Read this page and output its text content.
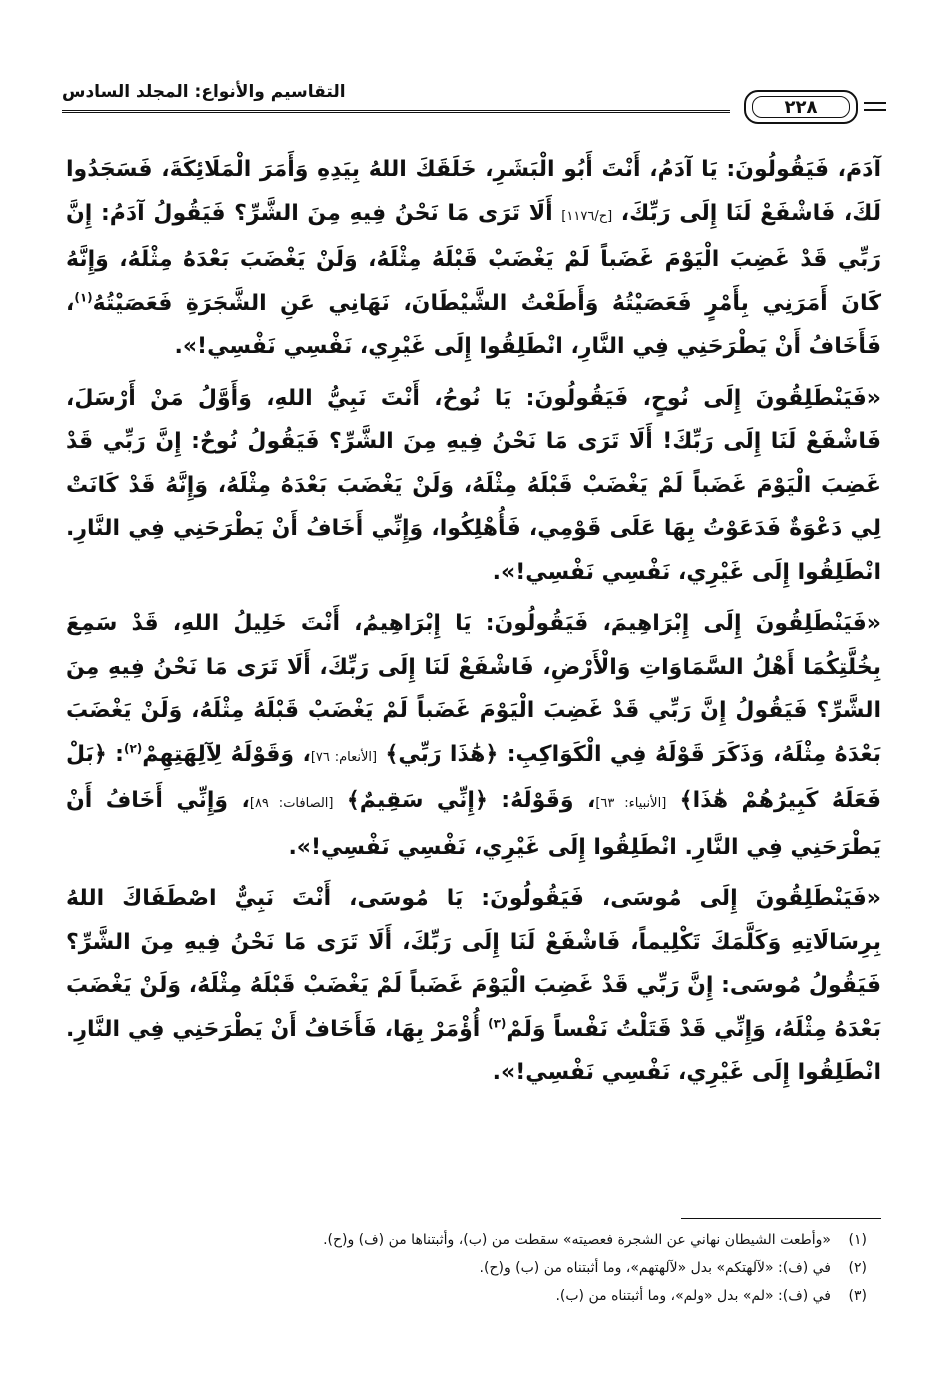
التقاسيم والأنواع: المجلد السادس
٢٢٨

آدَمَ، فَيَقُولُونَ: يَا آدَمُ، أَنْتَ أَبُو الْبَشَرِ، خَلَقَكَ اللهُ بِيَدِهِ وَأَمَرَ الْمَلَائِكَةَ، فَسَجَدُوا لَكَ، فَاشْفَعْ لَنَا إِلَى رَبِّكَ، [ح/١١٧٦] أَلَا تَرَى مَا نَحْنُ فِيهِ مِنَ الشَّرِّ؟ فَيَقُولُ آدَمُ: إِنَّ رَبِّي قَدْ غَضِبَ الْيَوْمَ غَضَباً لَمْ يَغْضَبْ قَبْلَهُ مِثْلَهُ، وَلَنْ يَغْضَبَ بَعْدَهُ مِثْلَهُ، وَإِنَّهُ كَانَ أَمَرَنِي بِأَمْرٍ فَعَصَيْتُهُ وَأَطَعْتُ الشَّيْطَانَ، نَهَانِي عَنِ الشَّجَرَةِ فَعَصَيْتُهُ$^{(١)}$، فَأَخَافُ أَنْ يَطْرَحَنِي فِي النَّارِ، انْطَلِقُوا إِلَى غَيْرِي، نَفْسِي نَفْسِي!».

«فَيَنْطَلِقُونَ إِلَى نُوحٍ، فَيَقُولُونَ: يَا نُوحُ، أَنْتَ نَبِيُّ اللهِ، وَأَوَّلُ مَنْ أَرْسَلَ، فَاشْفَعْ لَنَا إِلَى رَبِّكَ! أَلَا تَرَى مَا نَحْنُ فِيهِ مِنَ الشَّرِّ؟ فَيَقُولُ نُوحٌ: إِنَّ رَبِّي قَدْ غَضِبَ الْيَوْمَ غَضَباً لَمْ يَغْضَبْ قَبْلَهُ مِثْلَهُ، وَلَنْ يَغْضَبَ بَعْدَهُ مِثْلَهُ، وَإِنَّهُ قَدْ كَانَتْ لِي دَعْوَةٌ فَدَعَوْتُ بِهَا عَلَى قَوْمِي، فَأُهْلِكُوا، وَإِنِّي أَخَافُ أَنْ يَطْرَحَنِي فِي النَّارِ. انْطَلِقُوا إِلَى غَيْرِي، نَفْسِي نَفْسِي!».

«فَيَنْطَلِقُونَ إِلَى إِبْرَاهِيمَ، فَيَقُولُونَ: يَا إِبْرَاهِيمُ، أَنْتَ خَلِيلُ اللهِ، قَدْ سَمِعَ بِخُلَّتِكُمَا أَهْلُ السَّمَاوَاتِ وَالْأَرْضِ، فَاشْفَعْ لَنَا إِلَى رَبِّكَ، أَلَا تَرَى مَا نَحْنُ فِيهِ مِنَ الشَّرِّ؟ فَيَقُولُ إِنَّ رَبِّي قَدْ غَضِبَ الْيَوْمَ غَضَباً لَمْ يَغْضَبْ قَبْلَهُ مِثْلَهُ، وَلَنْ يَغْضَبَ بَعْدَهُ مِثْلَهُ، وَذَكَرَ قَوْلَهُ فِي الْكَوَاكِبِ: ﴿هَٰذَا رَبِّي﴾ [الأنعام: ٧٦]، وَقَوْلَهُ لِآلِهَتِهِمْ$^{(٢)}$: ﴿بَلْ فَعَلَهُ كَبِيرُهُمْ هَٰذَا﴾ [الأنبياء: ٦٣]، وَقَوْلَهُ: ﴿إِنِّي سَقِيمٌ﴾ [الصافات: ٨٩]، وَإِنِّي أَخَافُ أَنْ يَطْرَحَنِي فِي النَّارِ. انْطَلِقُوا إِلَى غَيْرِي، نَفْسِي نَفْسِي!».

«فَيَنْطَلِقُونَ إِلَى مُوسَى، فَيَقُولُونَ: يَا مُوسَى، أَنْتَ نَبِيٌّ اصْطَفَاكَ اللهُ بِرِسَالَاتِهِ وَكَلَّمَكَ تَكْلِيماً، فَاشْفَعْ لَنَا إِلَى رَبِّكَ، أَلَا تَرَى مَا نَحْنُ فِيهِ مِنَ الشَّرِّ؟ فَيَقُولُ مُوسَى: إِنَّ رَبِّي قَدْ غَضِبَ الْيَوْمَ غَضَباً لَمْ يَغْضَبْ قَبْلَهُ مِثْلَهُ، وَلَنْ يَغْضَبَ بَعْدَهُ مِثْلَهُ، وَإِنِّي قَدْ قَتَلْتُ نَفْساً وَلَمْ$^{(٣)}$ أُؤْمَرْ بِهَا، فَأَخَافُ أَنْ يَطْرَحَنِي فِي النَّارِ. انْطَلِقُوا إِلَى غَيْرِي، نَفْسِي نَفْسِي!».

(١)«وأطعت الشيطان نهاني عن الشجرة فعصيته» سقطت من (ب)، وأثبتناها من (ف) و(ح).

(٢)في (ف): «لآلهتكم» بدل «لآلهتهم»، وما أثبتناه من (ب) و(ح).

(٣)في (ف): «لم» بدل «ولم»، وما أثبتناه من (ب).
